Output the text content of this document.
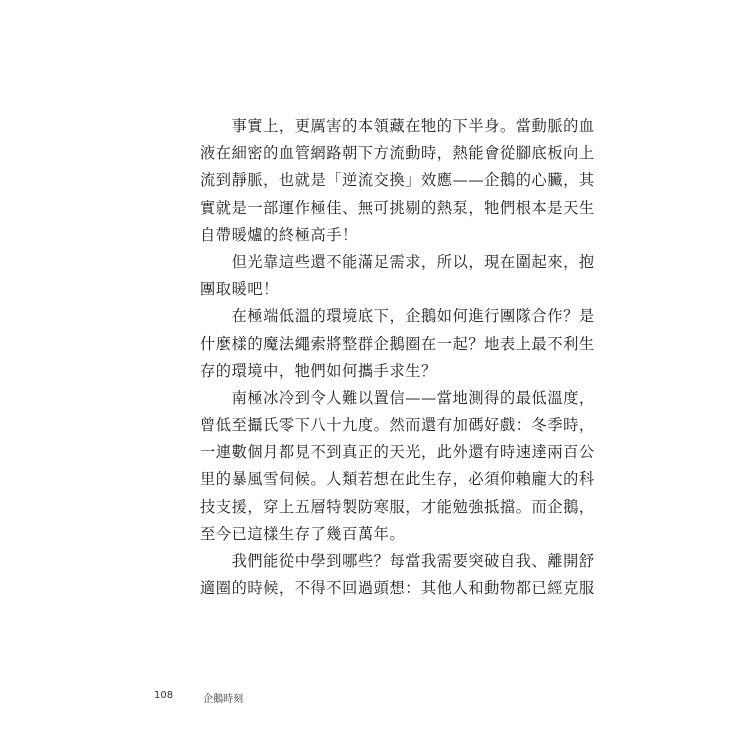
　　事實上，更厲害的本領藏在牠的下半身。當動脈的血
液在細密的血管網路朝下方流動時，熱能會從腳底板向上
流到靜脈，也就是「逆流交換」效應——企鵝的心臟，其
實就是一部運作極佳、無可挑剔的熱泵，牠們根本是天生
自帶暖爐的終極高手！
　　但光靠這些還不能滿足需求，所以，現在圍起來，抱
團取暖吧！
　　在極端低溫的環境底下，企鵝如何進行團隊合作？是
什麼樣的魔法繩索將整群企鵝圈在一起？地表上最不利生
存的環境中，牠們如何攜手求生？
　　南極冰冷到令人難以置信——當地測得的最低溫度，
曾低至攝氏零下八十九度。然而還有加碼好戲：冬季時，
一連數個月都見不到真正的天光，此外還有時速達兩百公
里的暴風雪伺候。人類若想在此生存，必須仰賴龐大的科
技支援，穿上五層特製防寒服，才能勉強抵擋。而企鵝，
至今已這樣生存了幾百萬年。
　　我們能從中學到哪些？每當我需要突破自我、離開舒
適圈的時候，不得不回過頭想：其他人和動物都已經克服
108	企鵝時刻
